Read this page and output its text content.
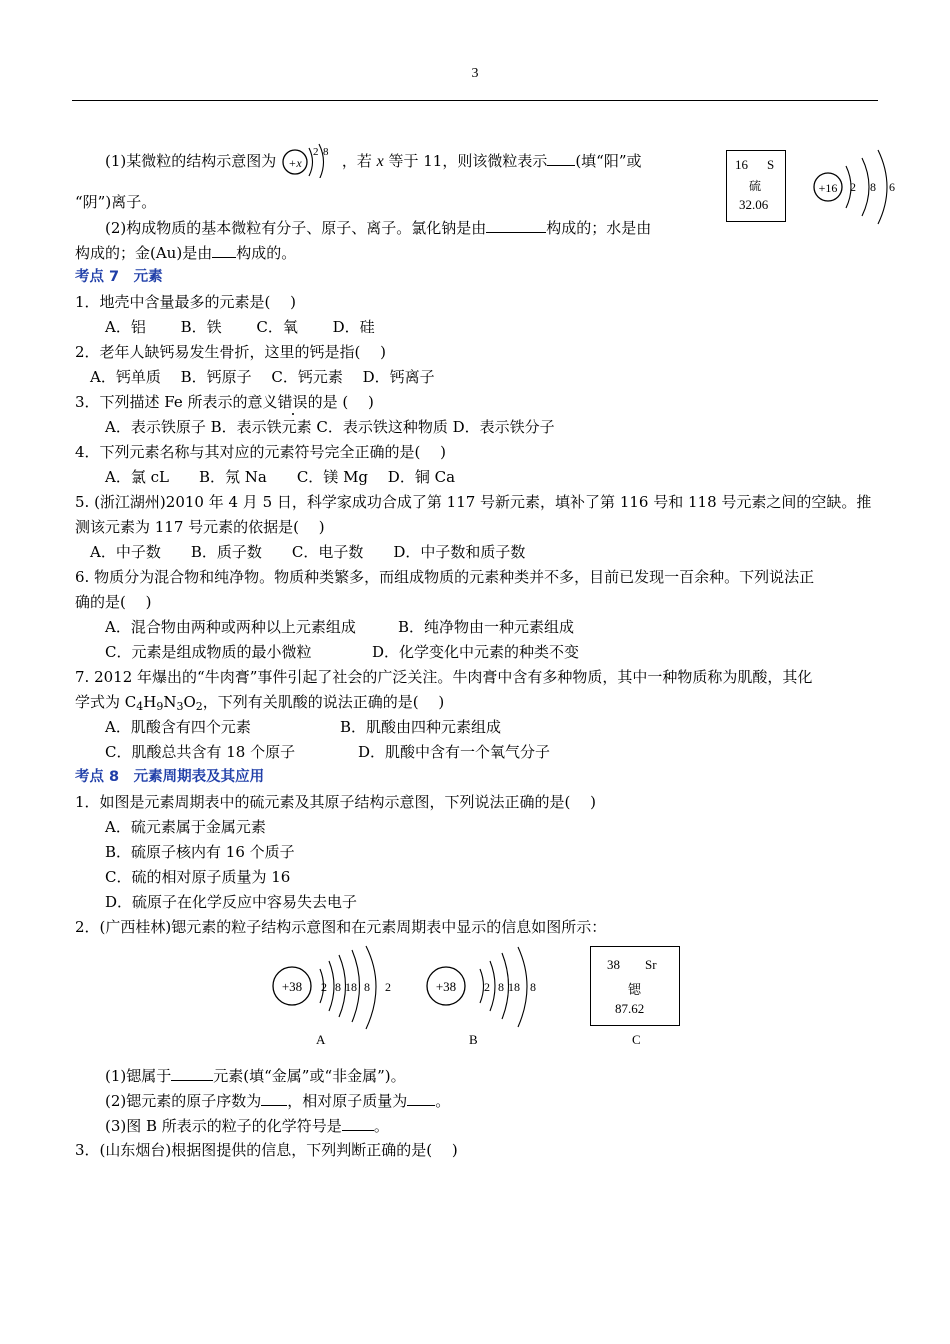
3
(1)某微粒的结构示意图为 +x
2 8 ，若 x 等于 11，则该微粒表示 (填“阳”或
“阴”)离子。
(2)构成物质的基本微粒有分子、原子、离子。氯化钠是由	构成的；水是由
构成的；金(Au)是由 构成的。
16 S
硫
32.06
+16 2 8 6
考点 7　元素
1．地壳中含量最多的元素是(　 )
A．铝　　 B．铁　　 C．氧　　 D．硅
2．老年人缺钙易发生骨折，这里的钙是指(　 )
A．钙单质　 B．钙原子　 C．钙元素　 D．钙离子
3．下列描述 Fe 所表示的意义错误的是 (　 )
A．表示铁原子 B．表示铁元素 C．表示铁这种物质 D．表示铁分子
4．下列元素名称与其对应的元素符号完全正确的是(　 )
A．氯 cL　　B．氖 Na　　C．镁 Mg　 D．铜 Ca
5. (浙江湖州)2010 年 4 月 5 日，科学家成功合成了第 117 号新元素，填补了第 116 号和 118 号元素之间的空缺。推
测该元素为 117 号元素的依据是(　 )
A．中子数　　B．质子数　　C．电子数　　D．中子数和质子数
6. 物质分为混合物和纯净物。物质种类繁多，而组成物质的元素种类并不多，目前已发现一百余种。下列说法正
确的是(　 )
A．混合物由两种或两种以上元素组成	B．纯净物由一种元素组成
C．元素是组成物质的最小微粒	D．化学变化中元素的种类不变
7. 2012 年爆出的“牛肉膏”事件引起了社会的广泛关注。牛肉膏中含有多种物质，其中一种物质称为肌酸，其化
学式为 $C_4H_9N_3O_2$，下列有关肌酸的说法正确的是(　 )
A．肌酸含有四个元素	B．肌酸由四种元素组成
C．肌酸总共含有 18 个原子	D．肌酸中含有一个氧气分子
考点 8　元素周期表及其应用
1．如图是元素周期表中的硫元素及其原子结构示意图，下列说法正确的是(　 )
A．硫元素属于金属元素
B．硫原子核内有 16 个质子
C．硫的相对原子质量为 16
D．硫原子在化学反应中容易失去电子
2．(广西桂林)锶元素的粒子结构示意图和在元素周期表中显示的信息如图所示：
+38 2 8 18 8 2
A
+38 2 8 18 8
B
38 Sr
锶
87.62
C
(1)锶属于	元素(填“金属”或“非金属”)。
(2)锶元素的原子序数为 ，相对原子质量为 。
(3)图 B 所表示的粒子的化学符号是 。
3．(山东烟台)根据图提供的信息，下列判断正确的是(　 )
